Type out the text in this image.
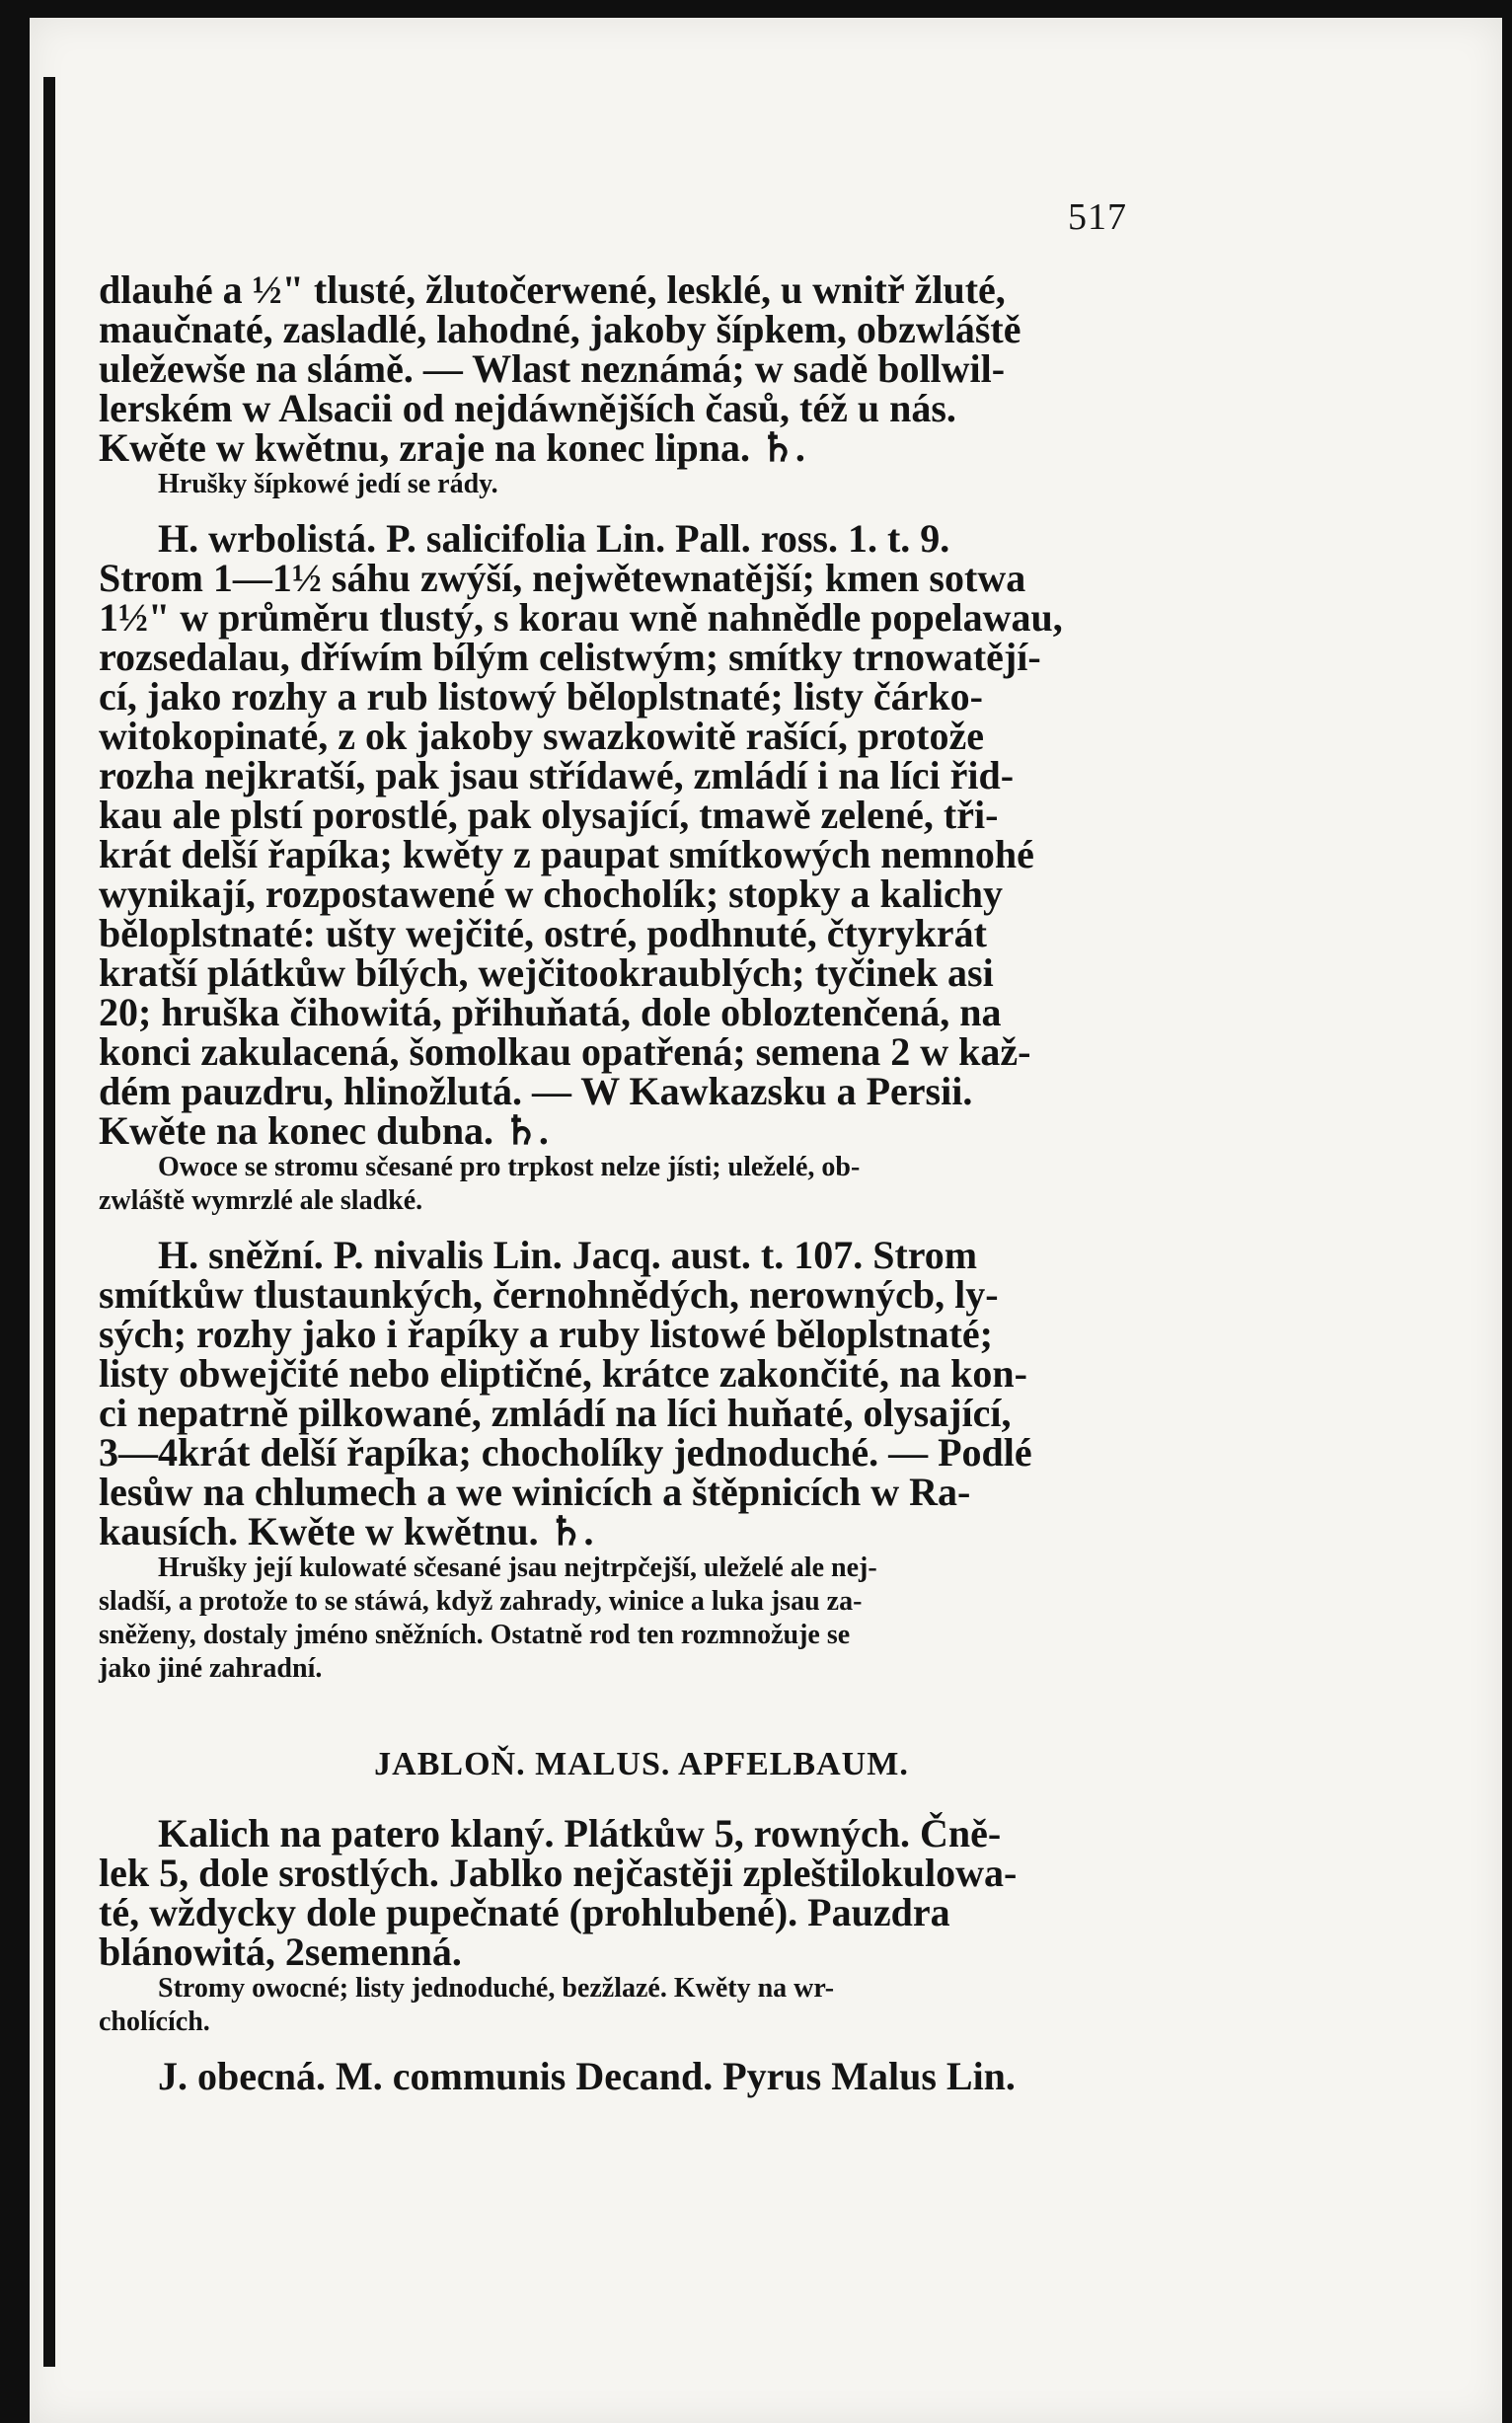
517
dlauhé a ½" tlusté, žlutočerwené, lesklé, u wnitř žluté,
maučnaté, zasladlé, lahodné, jakoby šípkem, obzwláště
uležewše na slámě. — Wlast neznámá; w sadě bollwil-
lerském w Alsacii od nejdáwnějších časů, též u nás.
Kwěte w kwětnu, zraje na konec lipna. ♄.
Hrušky šípkowé jedí se rády.
H. wrbolistá. P. salicifolia Lin. Pall. ross. 1. t. 9.
Strom 1—1½ sáhu zwýší, nejwětewnatější; kmen sotwa
1½" w průměru tlustý, s korau wně nahnědle popelawau,
rozsedalau, dříwím bílým celistwým; smítky trnowatějí-
cí, jako rozhy a rub listowý běloplstnaté; listy čárko-
witokopinaté, z ok jakoby swazkowitě rašící, protože
rozha nejkratší, pak jsau střídawé, zmládí i na líci řid-
kau ale plstí porostlé, pak olysající, tmawě zelené, tři-
krát delší řapíka; kwěty z paupat smítkowých nemnohé
wynikají, rozpostawené w chocholík; stopky a kalichy
běloplstnaté: ušty wejčité, ostré, podhnuté, čtyrykrát
kratší plátkůw bílých, wejčitookraublých; tyčinek asi
20; hruška čihowitá, přihuňatá, dole obloztenčená, na
konci zakulacená, šomolkau opatřená; semena 2 w kaž-
dém pauzdru, hlinožlutá. — W Kawkazsku a Persii.
Kwěte na konec dubna. ♄.
Owoce se stromu sčesané pro trpkost nelze jísti; uleželé, ob-
zwláště wymrzlé ale sladké.
H. sněžní. P. nivalis Lin. Jacq. aust. t. 107. Strom
smítkůw tlustaunkých, černohnědých, nerownýcb, ly-
sých; rozhy jako i řapíky a ruby listowé běloplstnaté;
listy obwejčité nebo eliptičné, krátce zakončité, na kon-
ci nepatrně pilkowané, zmládí na líci huňaté, olysající,
3—4krát delší řapíka; chocholíky jednoduché. — Podlé
lesůw na chlumech a we winicích a štěpnicích w Ra-
kausích. Kwěte w kwětnu. ♄.
Hrušky její kulowaté sčesané jsau nejtrpčejší, uleželé ale nej-
sladší, a protože to se stáwá, když zahrady, winice a luka jsau za-
sněženy, dostaly jméno sněžních. Ostatně rod ten rozmnožuje se
jako jiné zahradní.
JABLOŇ. MALUS. APFELBAUM.
Kalich na patero klaný. Plátkůw 5, rowných. Čně-
lek 5, dole srostlých. Jablko nejčastěji zpleštilokulowa-
té, wždycky dole pupečnaté (prohlubené). Pauzdra
blánowitá, 2semenná.
Stromy owocné; listy jednoduché, bezžlazé. Kwěty na wr-
cholících.
J. obecná. M. communis Decand. Pyrus Malus Lin.
